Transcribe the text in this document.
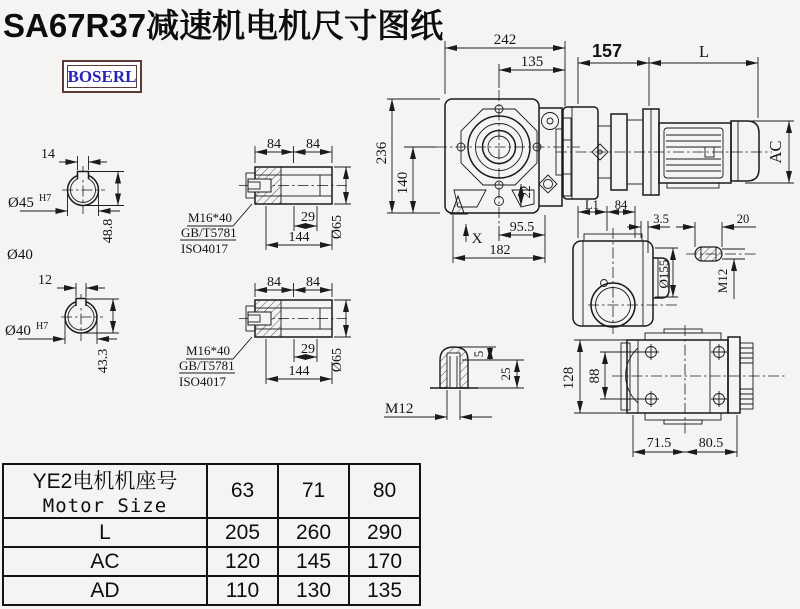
SA67R37减速机电机尺寸图纸
BOSERL
14
Ø45 H7
48.8
Ø40
12
Ø40 H7
43.3
84 84
29
144 Ø65
M16*40
GB/T5781
ISO4017
84 84
29
144 Ø65
M16*40
GB/T5781
ISO4017
242
135
236
140	22
95.5
182
X
157	L
AC
L1 84
3.5
Ø155
20
M12
5
25
M12
128 88
71.5 80.5
YE2电机机座号
Motor Size	63	71	80
L	205	260	290
AC	120	145	170
AD	110	130	135
